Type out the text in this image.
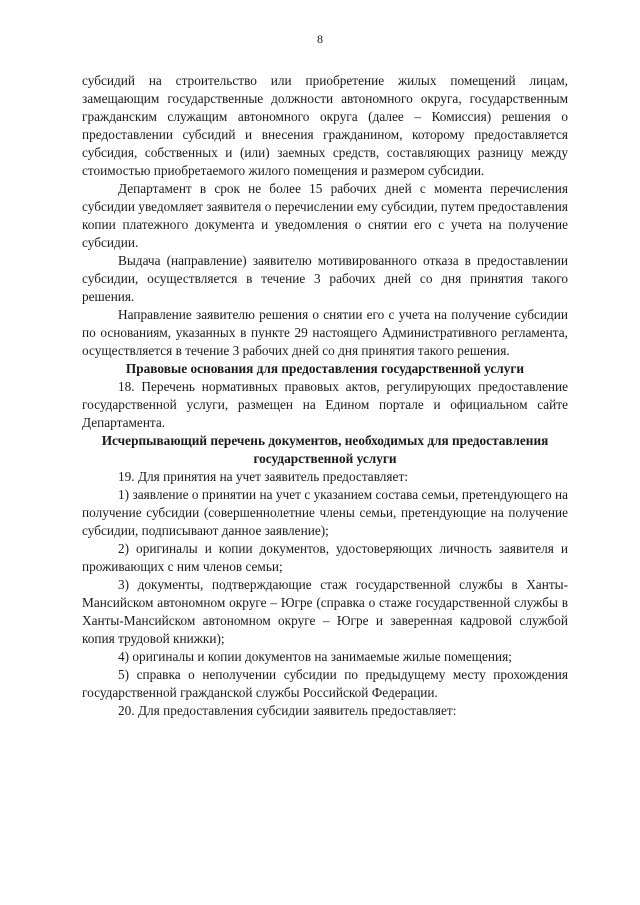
8

субсидий на строительство или приобретение жилых помещений лицам, замещающим государственные должности автономного округа, государственным гражданским служащим автономного округа (далее – Комиссия) решения о предоставлении субсидий и внесения гражданином, которому предоставляется субсидия, собственных и (или) заемных средств, составляющих разницу между стоимостью приобретаемого жилого помещения и размером субсидии.

Департамент в срок не более 15 рабочих дней с момента перечисления субсидии уведомляет заявителя о перечислении ему субсидии, путем предоставления копии платежного документа и уведомления о снятии его с учета на получение субсидии.

Выдача (направление) заявителю мотивированного отказа в предоставлении субсидии, осуществляется в течение 3 рабочих дней со дня принятия такого решения.

Направление заявителю решения о снятии его с учета на получение субсидии по основаниям, указанных в пункте 29 настоящего Административного регламента, осуществляется в течение 3 рабочих дней со дня принятия такого решения.

Правовые основания для предоставления государственной услуги

18. Перечень нормативных правовых актов, регулирующих предоставление государственной услуги, размещен на Едином портале и официальном сайте Департамента.

Исчерпывающий перечень документов, необходимых для предоставления государственной услуги

19. Для принятия на учет заявитель предоставляет:

1) заявление о принятии на учет с указанием состава семьи, претендующего на получение субсидии (совершеннолетние члены семьи, претендующие на получение субсидии, подписывают данное заявление);

2) оригиналы и копии документов, удостоверяющих личность заявителя и проживающих с ним членов семьи;

3) документы, подтверждающие стаж государственной службы в Ханты-Мансийском автономном округе – Югре (справка о стаже государственной службы в Ханты-Мансийском автономном округе – Югре и заверенная кадровой службой копия трудовой книжки);

4) оригиналы и копии документов на занимаемые жилые помещения;

5) справка о неполучении субсидии по предыдущему месту прохождения государственной гражданской службы Российской Федерации.

20. Для предоставления субсидии заявитель предоставляет:
